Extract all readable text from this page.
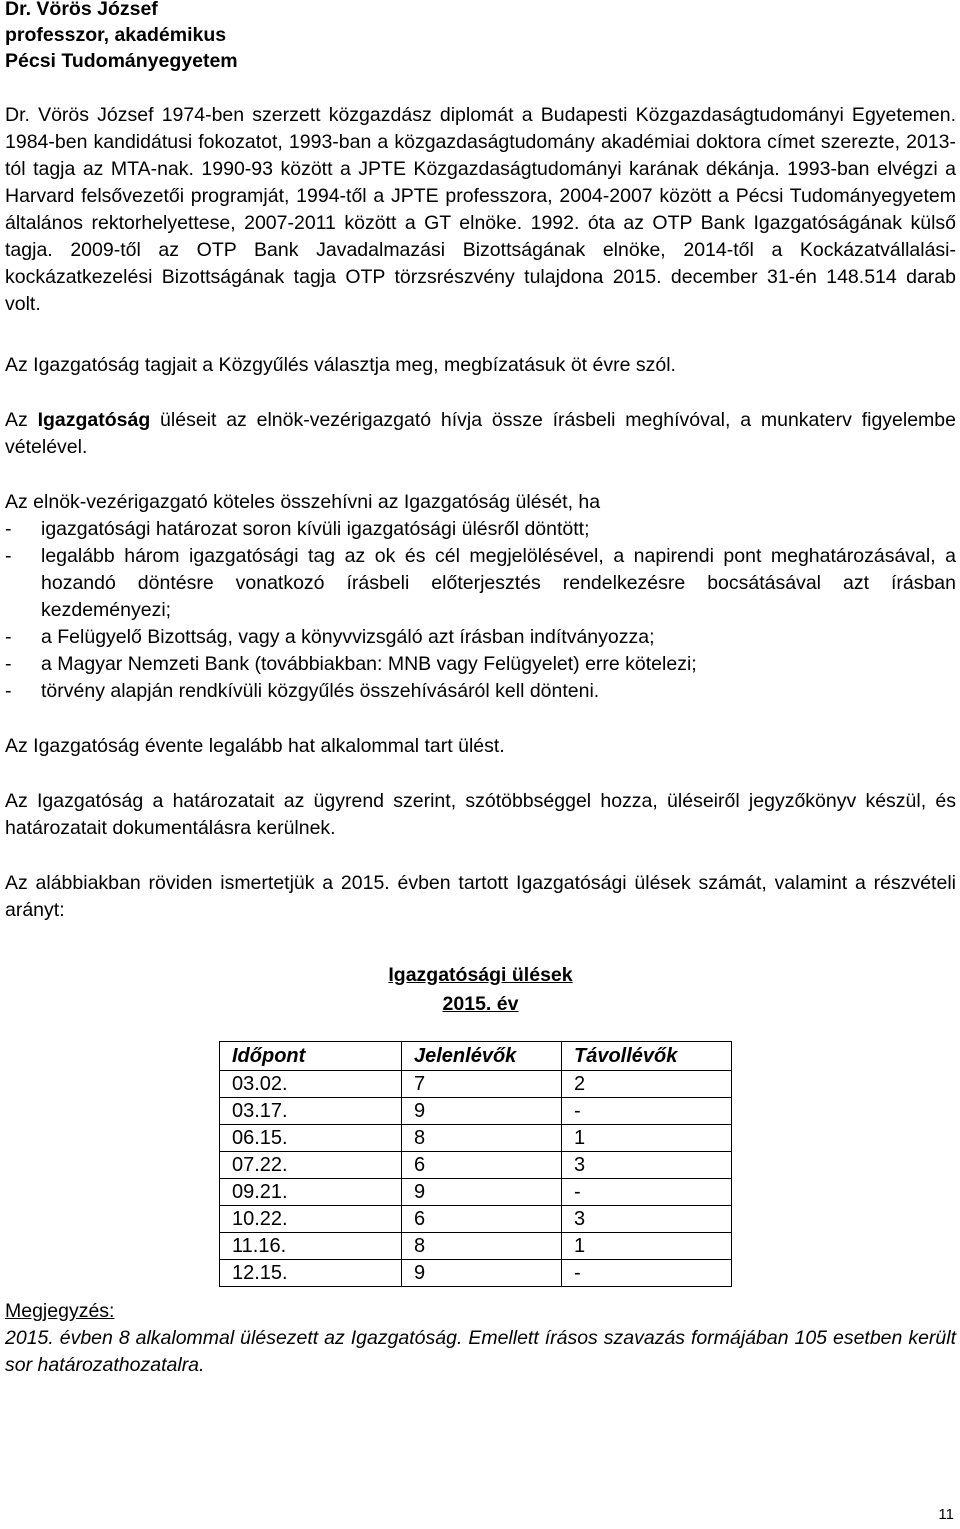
Dr. Vörös József
professzor, akadémikus
Pécsi Tudományegyetem

Dr. Vörös József 1974-ben szerzett közgazdász diplomát a Budapesti Közgazdaságtudományi Egyetemen. 1984-ben kandidátusi fokozatot, 1993-ban a közgazdaságtudomány akadémiai doktora címet szerezte, 2013-tól tagja az MTA-nak. 1990-93 között a JPTE Közgazdaságtudományi karának dékánja. 1993-ban elvégzi a Harvard felsővezetői programját, 1994-től a JPTE professzora, 2004-2007 között a Pécsi Tudományegyetem általános rektorhelyettese, 2007-2011 között a GT elnöke. 1992. óta az OTP Bank Igazgatóságának külső tagja. 2009-től az OTP Bank Javadalmazási Bizottságának elnöke, 2014-től a Kockázatvállalási-kockázatkezelési Bizottságának tagja OTP törzsrészvény tulajdona 2015. december 31-én 148.514 darab volt.

Az Igazgatóság tagjait a Közgyűlés választja meg, megbízatásuk öt évre szól.

Az Igazgatóság üléseit az elnök-vezérigazgató hívja össze írásbeli meghívóval, a munkaterv figyelembe vételével.

Az elnök-vezérigazgató köteles összehívni az Igazgatóság ülését, ha

- igazgatósági határozat soron kívüli igazgatósági ülésről döntött;
- legalább három igazgatósági tag az ok és cél megjelölésével, a napirendi pont meghatározásával, a hozandó döntésre vonatkozó írásbeli előterjesztés rendelkezésre bocsátásával azt írásban kezdeményezi;
- a Felügyelő Bizottság, vagy a könyvvizsgáló azt írásban indítványozza;
- a Magyar Nemzeti Bank (továbbiakban: MNB vagy Felügyelet) erre kötelezi;
- törvény alapján rendkívüli közgyűlés összehívásáról kell dönteni.

Az Igazgatóság évente legalább hat alkalommal tart ülést.

Az Igazgatóság a határozatait az ügyrend szerint, szótöbbséggel hozza, üléseiről jegyzőkönyv készül, és határozatait dokumentálásra kerülnek.

Az alábbiakban röviden ismertetjük a 2015. évben tartott Igazgatósági ülések számát, valamint a részvételi arányt:

Igazgatósági ülések
2015. év
Időpont	Jelenlévők	Távollévők
03.02.	7	2
03.17.	9	-
06.15.	8	1
07.22.	6	3
09.21.	9	-
10.22.	6	3
11.16.	8	1
12.15.	9	-
Megjegyzés:

2015. évben 8 alkalommal ülésezett az Igazgatóság. Emellett írásos szavazás formájában 105 esetben került sor határozathozatalra.

11
